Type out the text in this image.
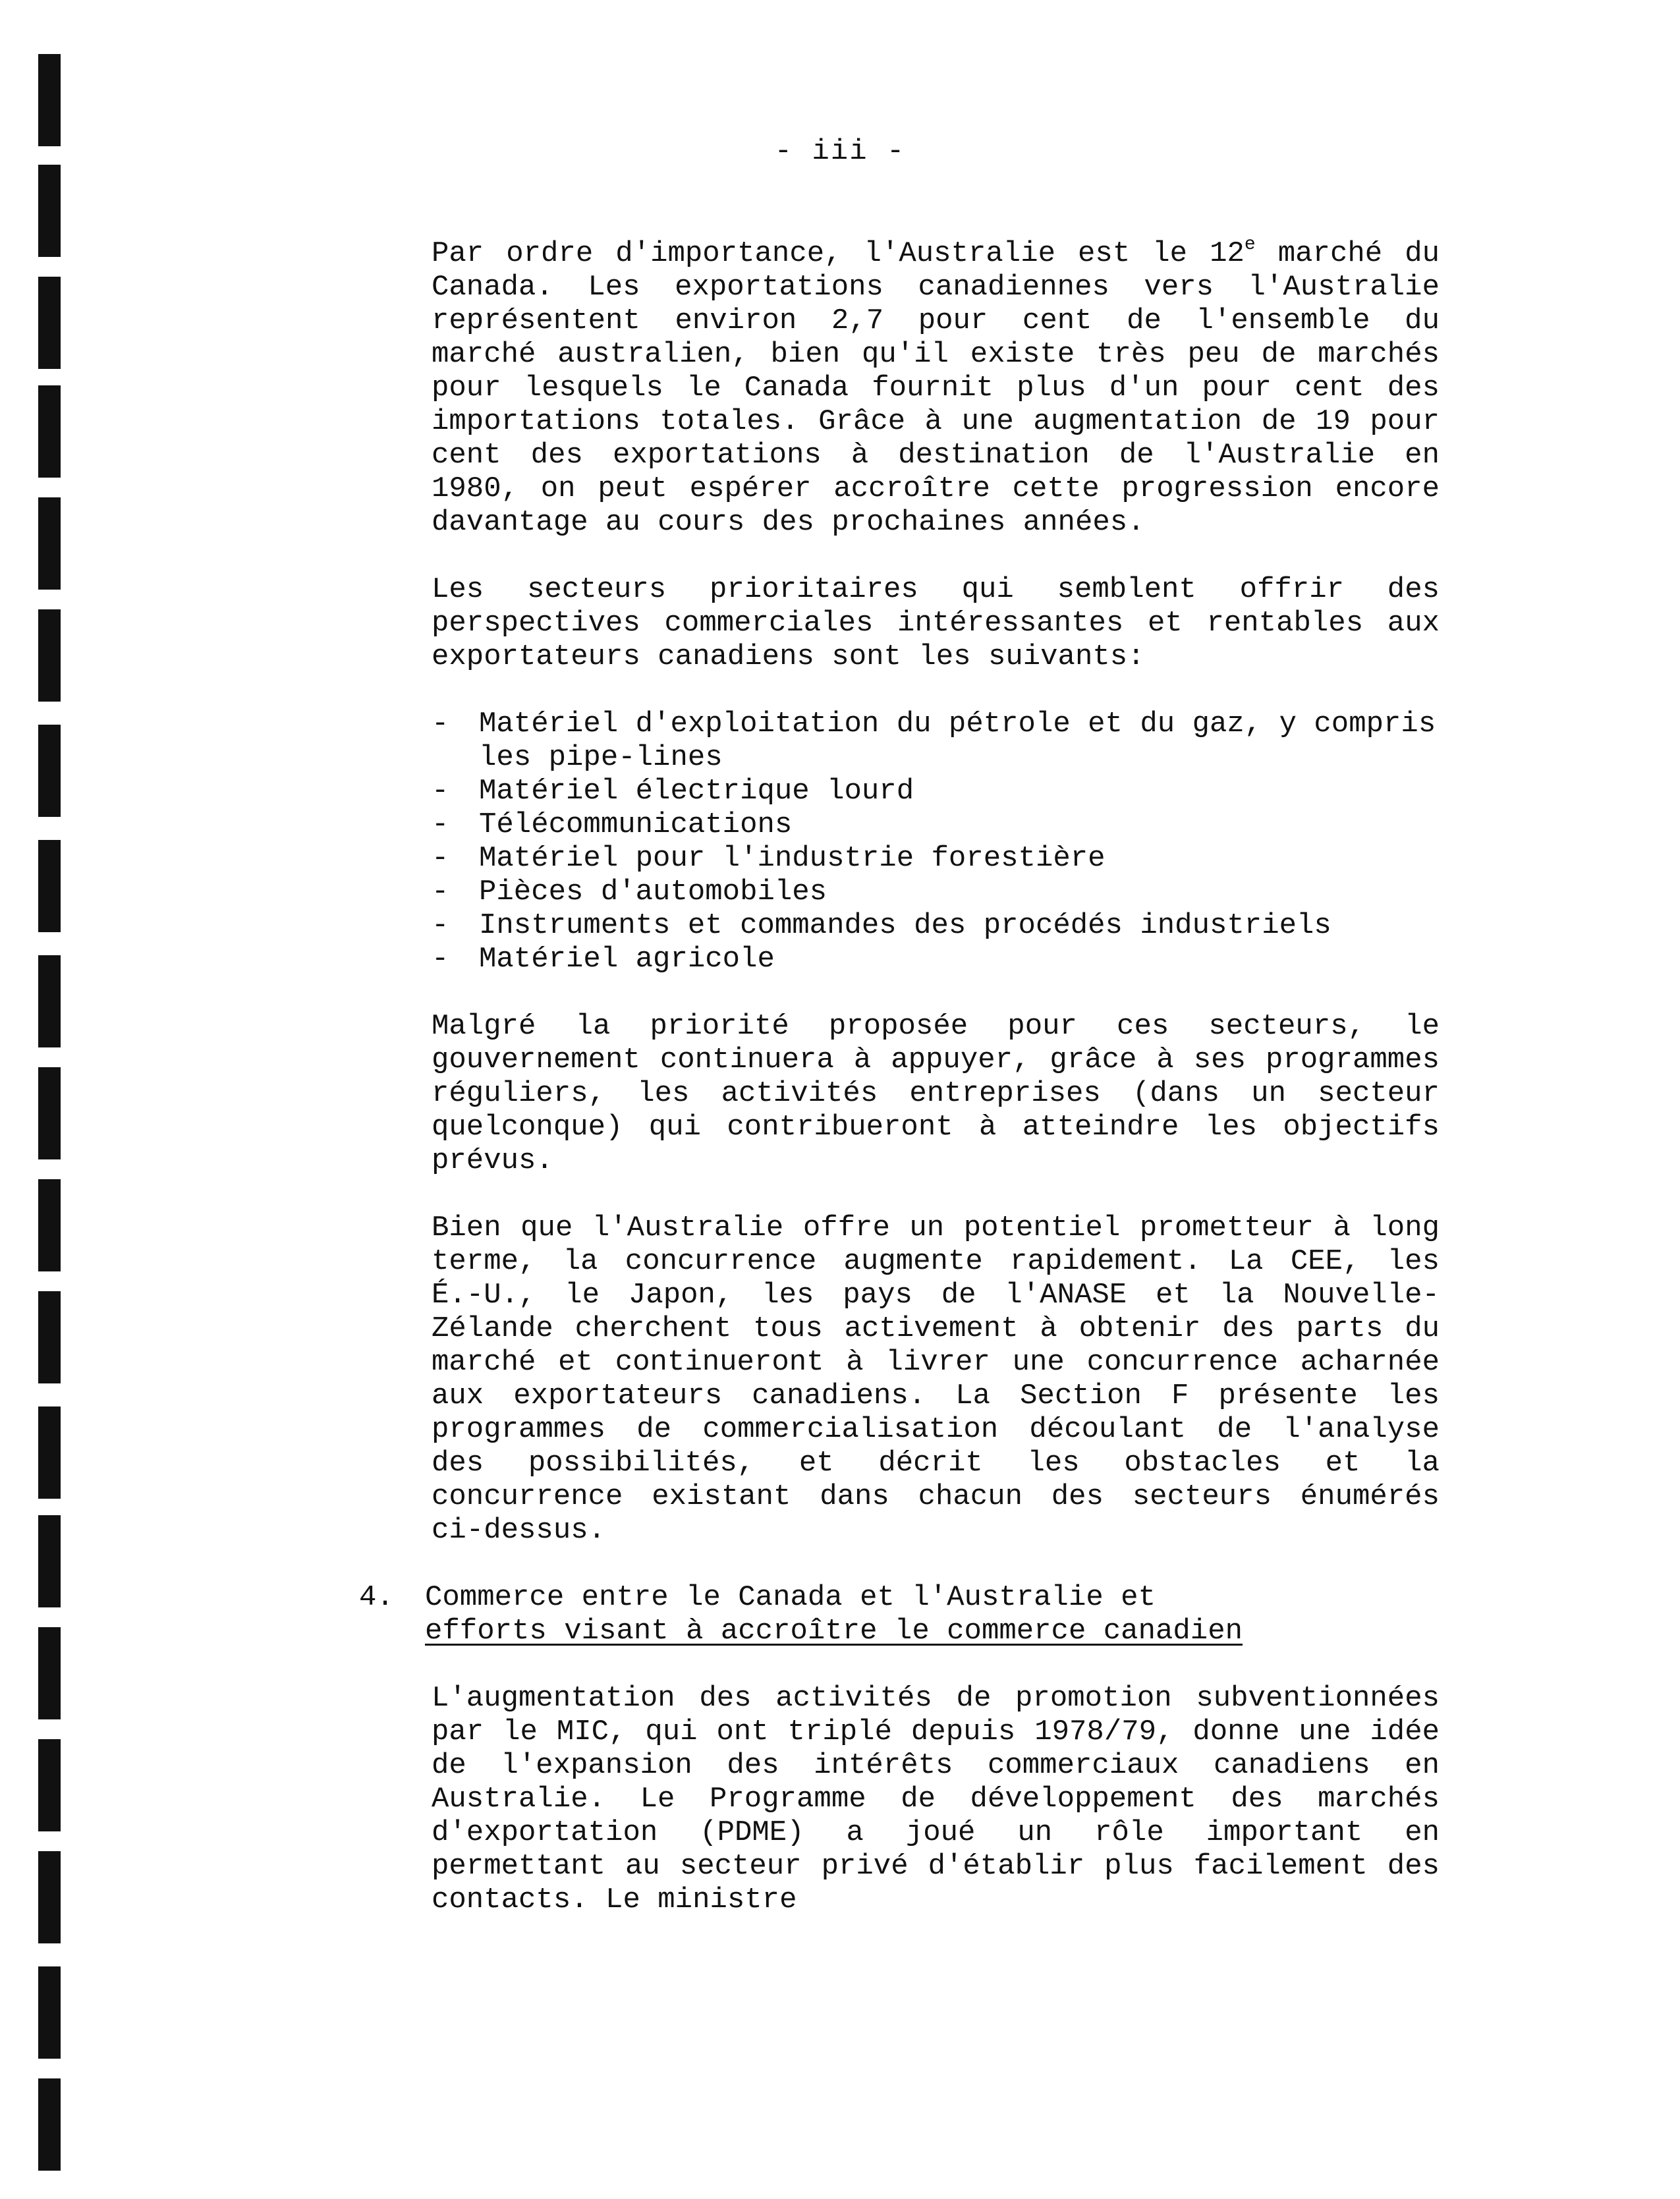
- iii -

Par ordre d'importance, l'Australie est le 12e marché du Canada. Les exportations canadiennes vers l'Australie représentent environ 2,7 pour cent de l'ensemble du marché australien, bien qu'il existe très peu de marchés pour lesquels le Canada fournit plus d'un pour cent des importations totales. Grâce à une augmentation de 19 pour cent des exportations à destination de l'Australie en 1980, on peut espérer accroître cette progression encore davantage au cours des prochaines années.

Les secteurs prioritaires qui semblent offrir des perspectives commerciales intéressantes et rentables aux exportateurs canadiens sont les suivants:

- Matériel d'exploitation du pétrole et du gaz, y compris les pipe-lines
- Matériel électrique lourd
- Télécommunications
- Matériel pour l'industrie forestière
- Pièces d'automobiles
- Instruments et commandes des procédés industriels
- Matériel agricole

Malgré la priorité proposée pour ces secteurs, le gouvernement continuera à appuyer, grâce à ses programmes réguliers, les activités entreprises (dans un secteur quelconque) qui contribueront à atteindre les objectifs prévus.

Bien que l'Australie offre un potentiel prometteur à long terme, la concurrence augmente rapidement. La CEE, les É.-U., le Japon, les pays de l'ANASE et la Nouvelle-Zélande cherchent tous activement à obtenir des parts du marché et continueront à livrer une concurrence acharnée aux exportateurs canadiens. La Section F présente les programmes de commercialisation découlant de l'analyse des possibilités, et décrit les obstacles et la concurrence existant dans chacun des secteurs énumérés ci-dessus.

4. Commerce entre le Canada et l'Australie et
efforts visant à accroître le commerce canadien

L'augmentation des activités de promotion subventionnées par le MIC, qui ont triplé depuis 1978/79, donne une idée de l'expansion des intérêts commerciaux canadiens en Australie. Le Programme de développement des marchés d'exportation (PDME) a joué un rôle important en permettant au secteur privé d'établir plus facilement des contacts. Le ministre
